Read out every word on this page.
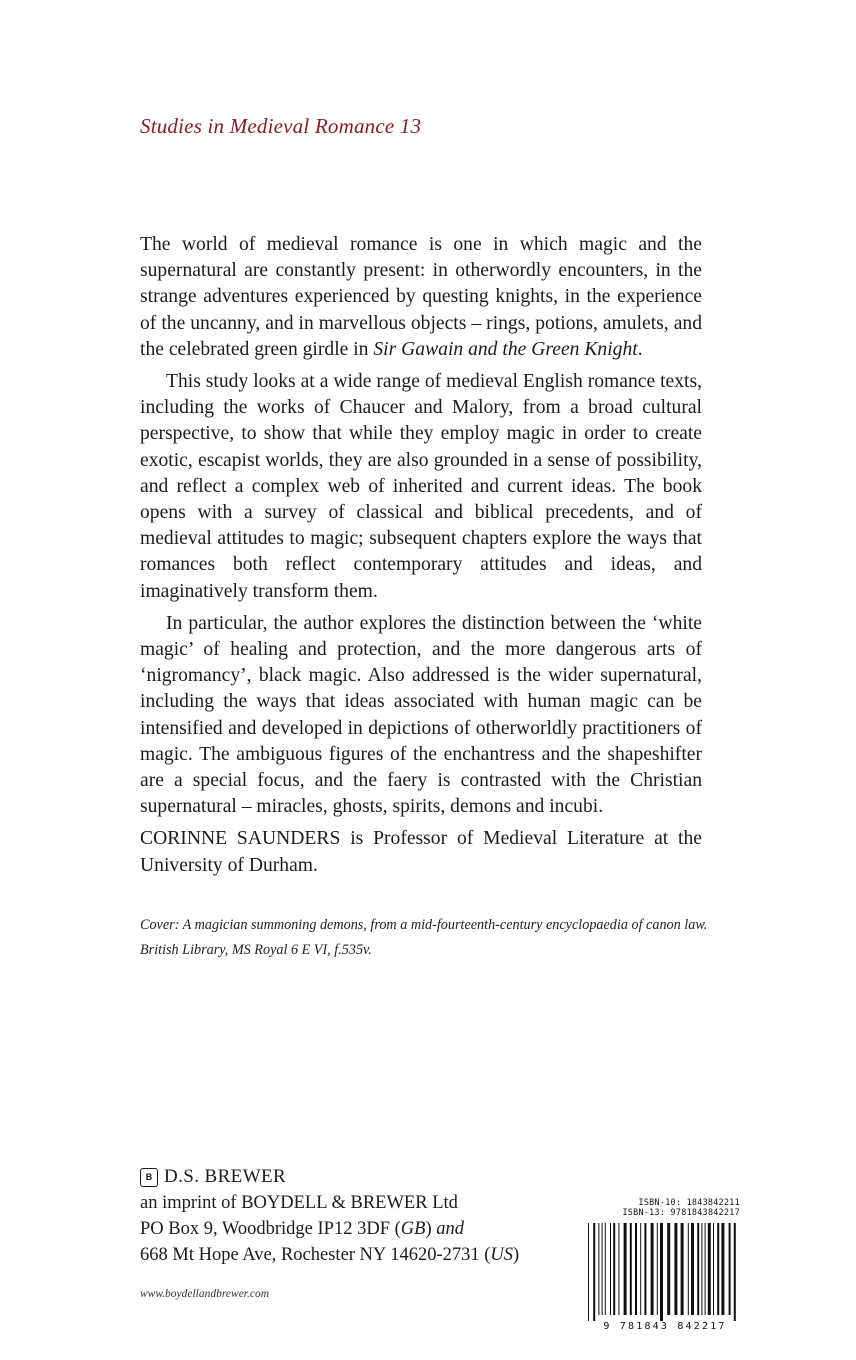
Studies in Medieval Romance 13

The world of medieval romance is one in which magic and the supernatural are constantly present: in otherwordly encounters, in the strange adventures experienced by questing knights, in the experience of the uncanny, and in marvellous objects – rings, potions, amulets, and the celebrated green girdle in Sir Gawain and the Green Knight.

This study looks at a wide range of medieval English romance texts, including the works of Chaucer and Malory, from a broad cultural perspective, to show that while they employ magic in order to create exotic, escapist worlds, they are also grounded in a sense of possibility, and reflect a complex web of inherited and current ideas. The book opens with a survey of classical and biblical precedents, and of medieval attitudes to magic; subsequent chapters explore the ways that romances both reflect contemporary attitudes and ideas, and imaginatively transform them.

In particular, the author explores the distinction between the ‘white magic’ of healing and protection, and the more dangerous arts of ‘nigromancy’, black magic. Also addressed is the wider supernatural, including the ways that ideas associated with human magic can be intensified and developed in depictions of otherworldly practitioners of magic. The ambiguous figures of the enchantress and the shapeshifter are a special focus, and the faery is contrasted with the Christian supernatural – miracles, ghosts, spirits, demons and incubi.

CORINNE SAUNDERS is Professor of Medieval Literature at the University of Durham.

Cover: A magician summoning demons, from a mid-fourteenth-century encyclopaedia of canon law.
British Library, MS Royal 6 E VI, f.535v.
B D.S. BREWER
an imprint of BOYDELL & BREWER Ltd
PO Box 9, Woodbridge IP12 3DF (GB) and
668 Mt Hope Ave, Rochester NY 14620-2731 (US)
www.boydellandbrewer.com
ISBN-10: 1843842211
ISBN-13: 9781843842217
9 781843 842217
